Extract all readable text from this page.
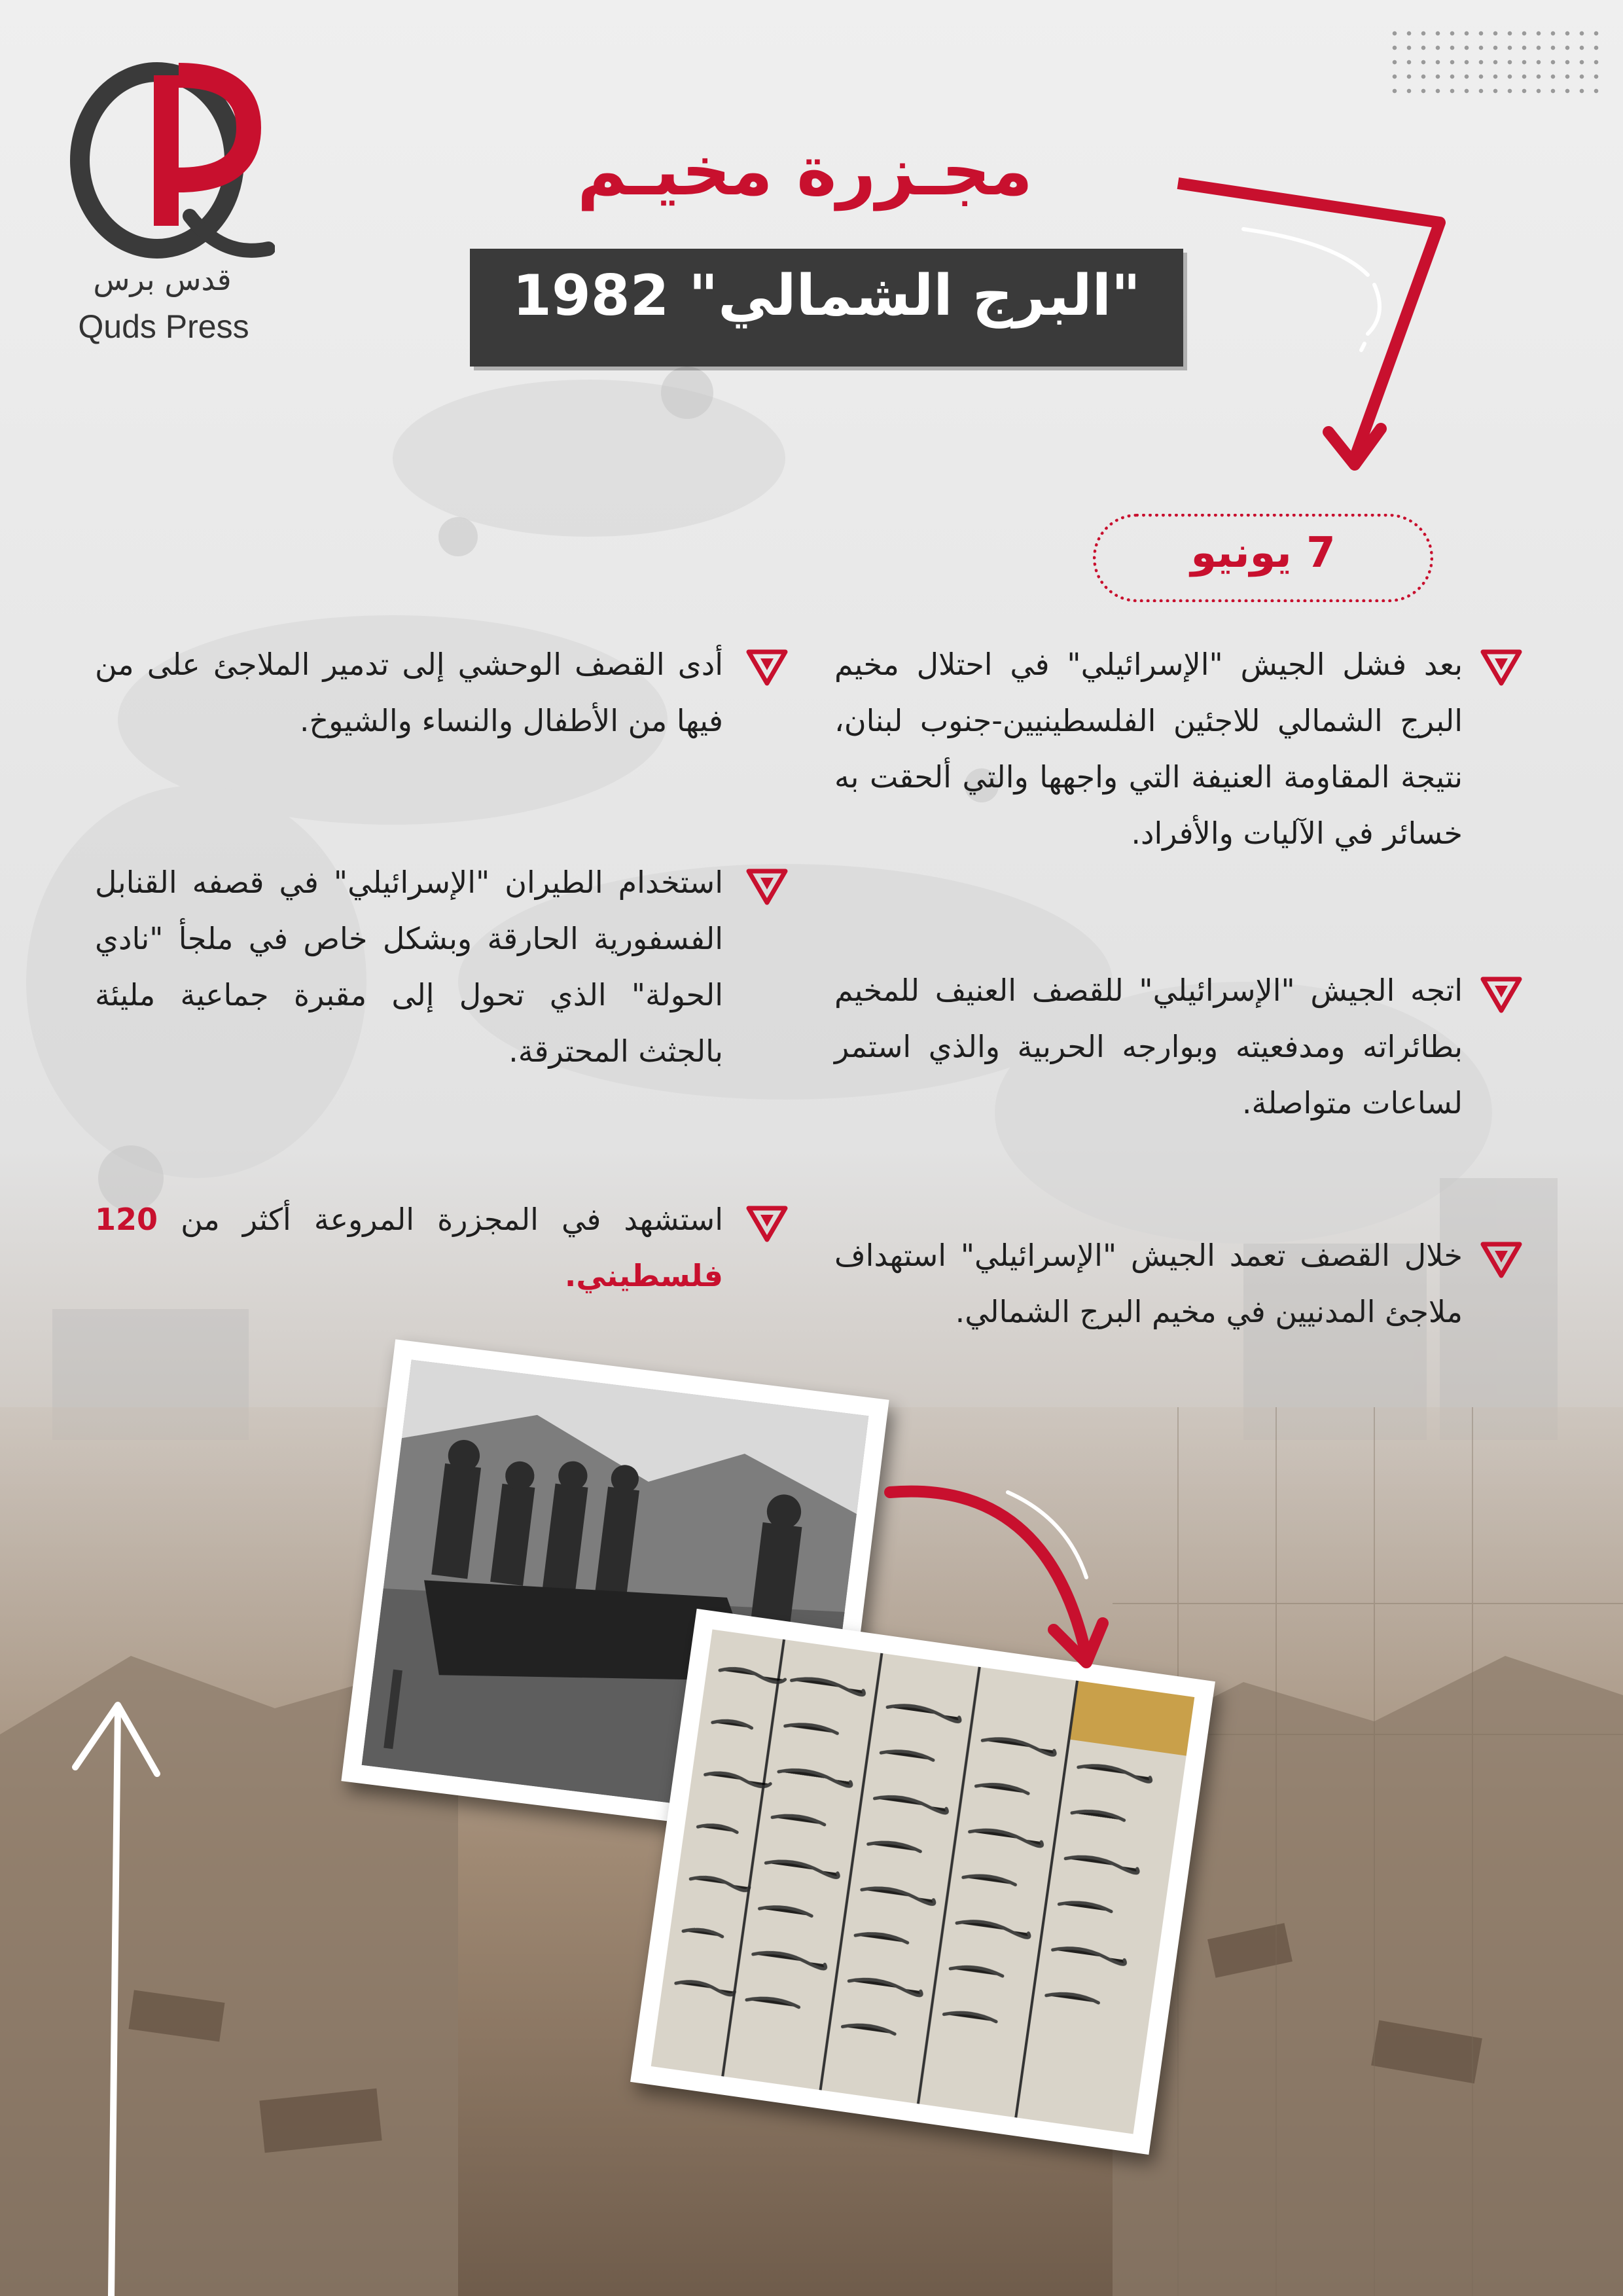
قدس برس
Quds Press
مجـزرة مخيـم
"البرج الشمالي" 1982
7 يونيو
بعد فشل الجيش "الإسرائيلي" في احتلال مخيم البرج الشمالي للاجئين الفلسطينيين-جنوب لبنان، نتيجة المقاومة العنيفة التي واجهها والتي ألحقت به خسائر في الآليات والأفراد.
اتجه الجيش "الإسرائيلي" للقصف العنيف للمخيم بطائراته ومدفعيته وبوارجه الحربية والذي استمر لساعات متواصلة.
خلال القصف تعمد الجيش "الإسرائيلي" استهداف ملاجئ المدنيين في مخيم البرج الشمالي.
أدى القصف الوحشي إلى تدمير الملاجئ على من فيها من الأطفال والنساء والشيوخ.
استخدام الطيران "الإسرائيلي" في قصفه القنابل الفسفورية الحارقة وبشكل خاص في ملجأ "نادي الحولة" الذي تحول إلى مقبرة جماعية مليئة بالجثث المحترقة.
استشهد في المجزرة المروعة أكثر من 120 فلسطيني.
